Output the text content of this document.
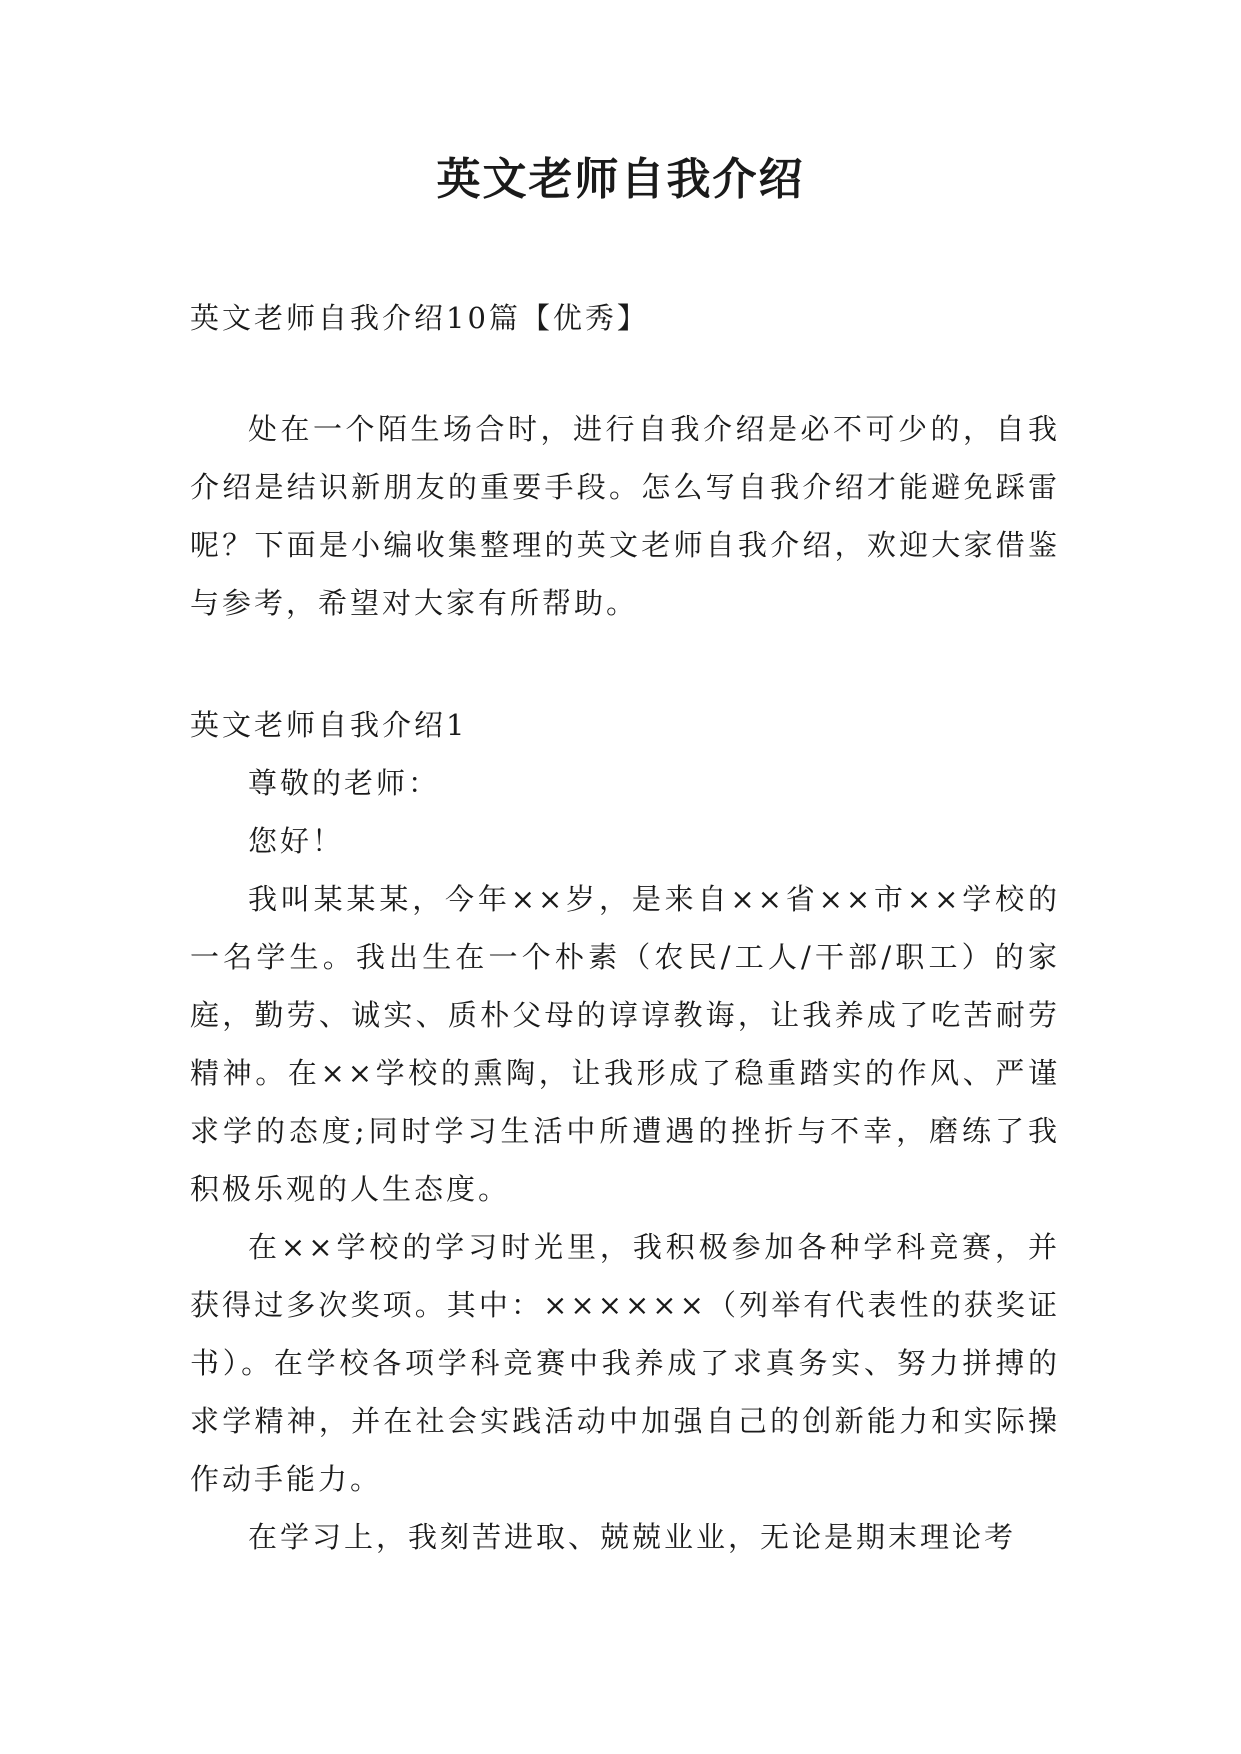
英文老师自我介绍
英文老师自我介绍10篇【优秀】

处在一个陌生场合时，进行自我介绍是必不可少的，自我介绍是结识新朋友的重要手段。怎么写自我介绍才能避免踩雷呢？下面是小编收集整理的英文老师自我介绍，欢迎大家借鉴与参考，希望对大家有所帮助。

英文老师自我介绍1

尊敬的老师：

您好！

我叫某某某，今年××岁，是来自××省××市××学校的一名学生。我出生在一个朴素（农民/工人/干部/职工）的家庭，勤劳、诚实、质朴父母的谆谆教诲，让我养成了吃苦耐劳精神。在××学校的熏陶，让我形成了稳重踏实的作风、严谨求学的态度;同时学习生活中所遭遇的挫折与不幸，磨练了我积极乐观的人生态度。

在××学校的学习时光里，我积极参加各种学科竞赛，并获得过多次奖项。其中：××××××（列举有代表性的获奖证书）。在学校各项学科竞赛中我养成了求真务实、努力拼搏的求学精神，并在社会实践活动中加强自己的创新能力和实际操作动手能力。

在学习上，我刻苦进取、兢兢业业，无论是期末理论考
